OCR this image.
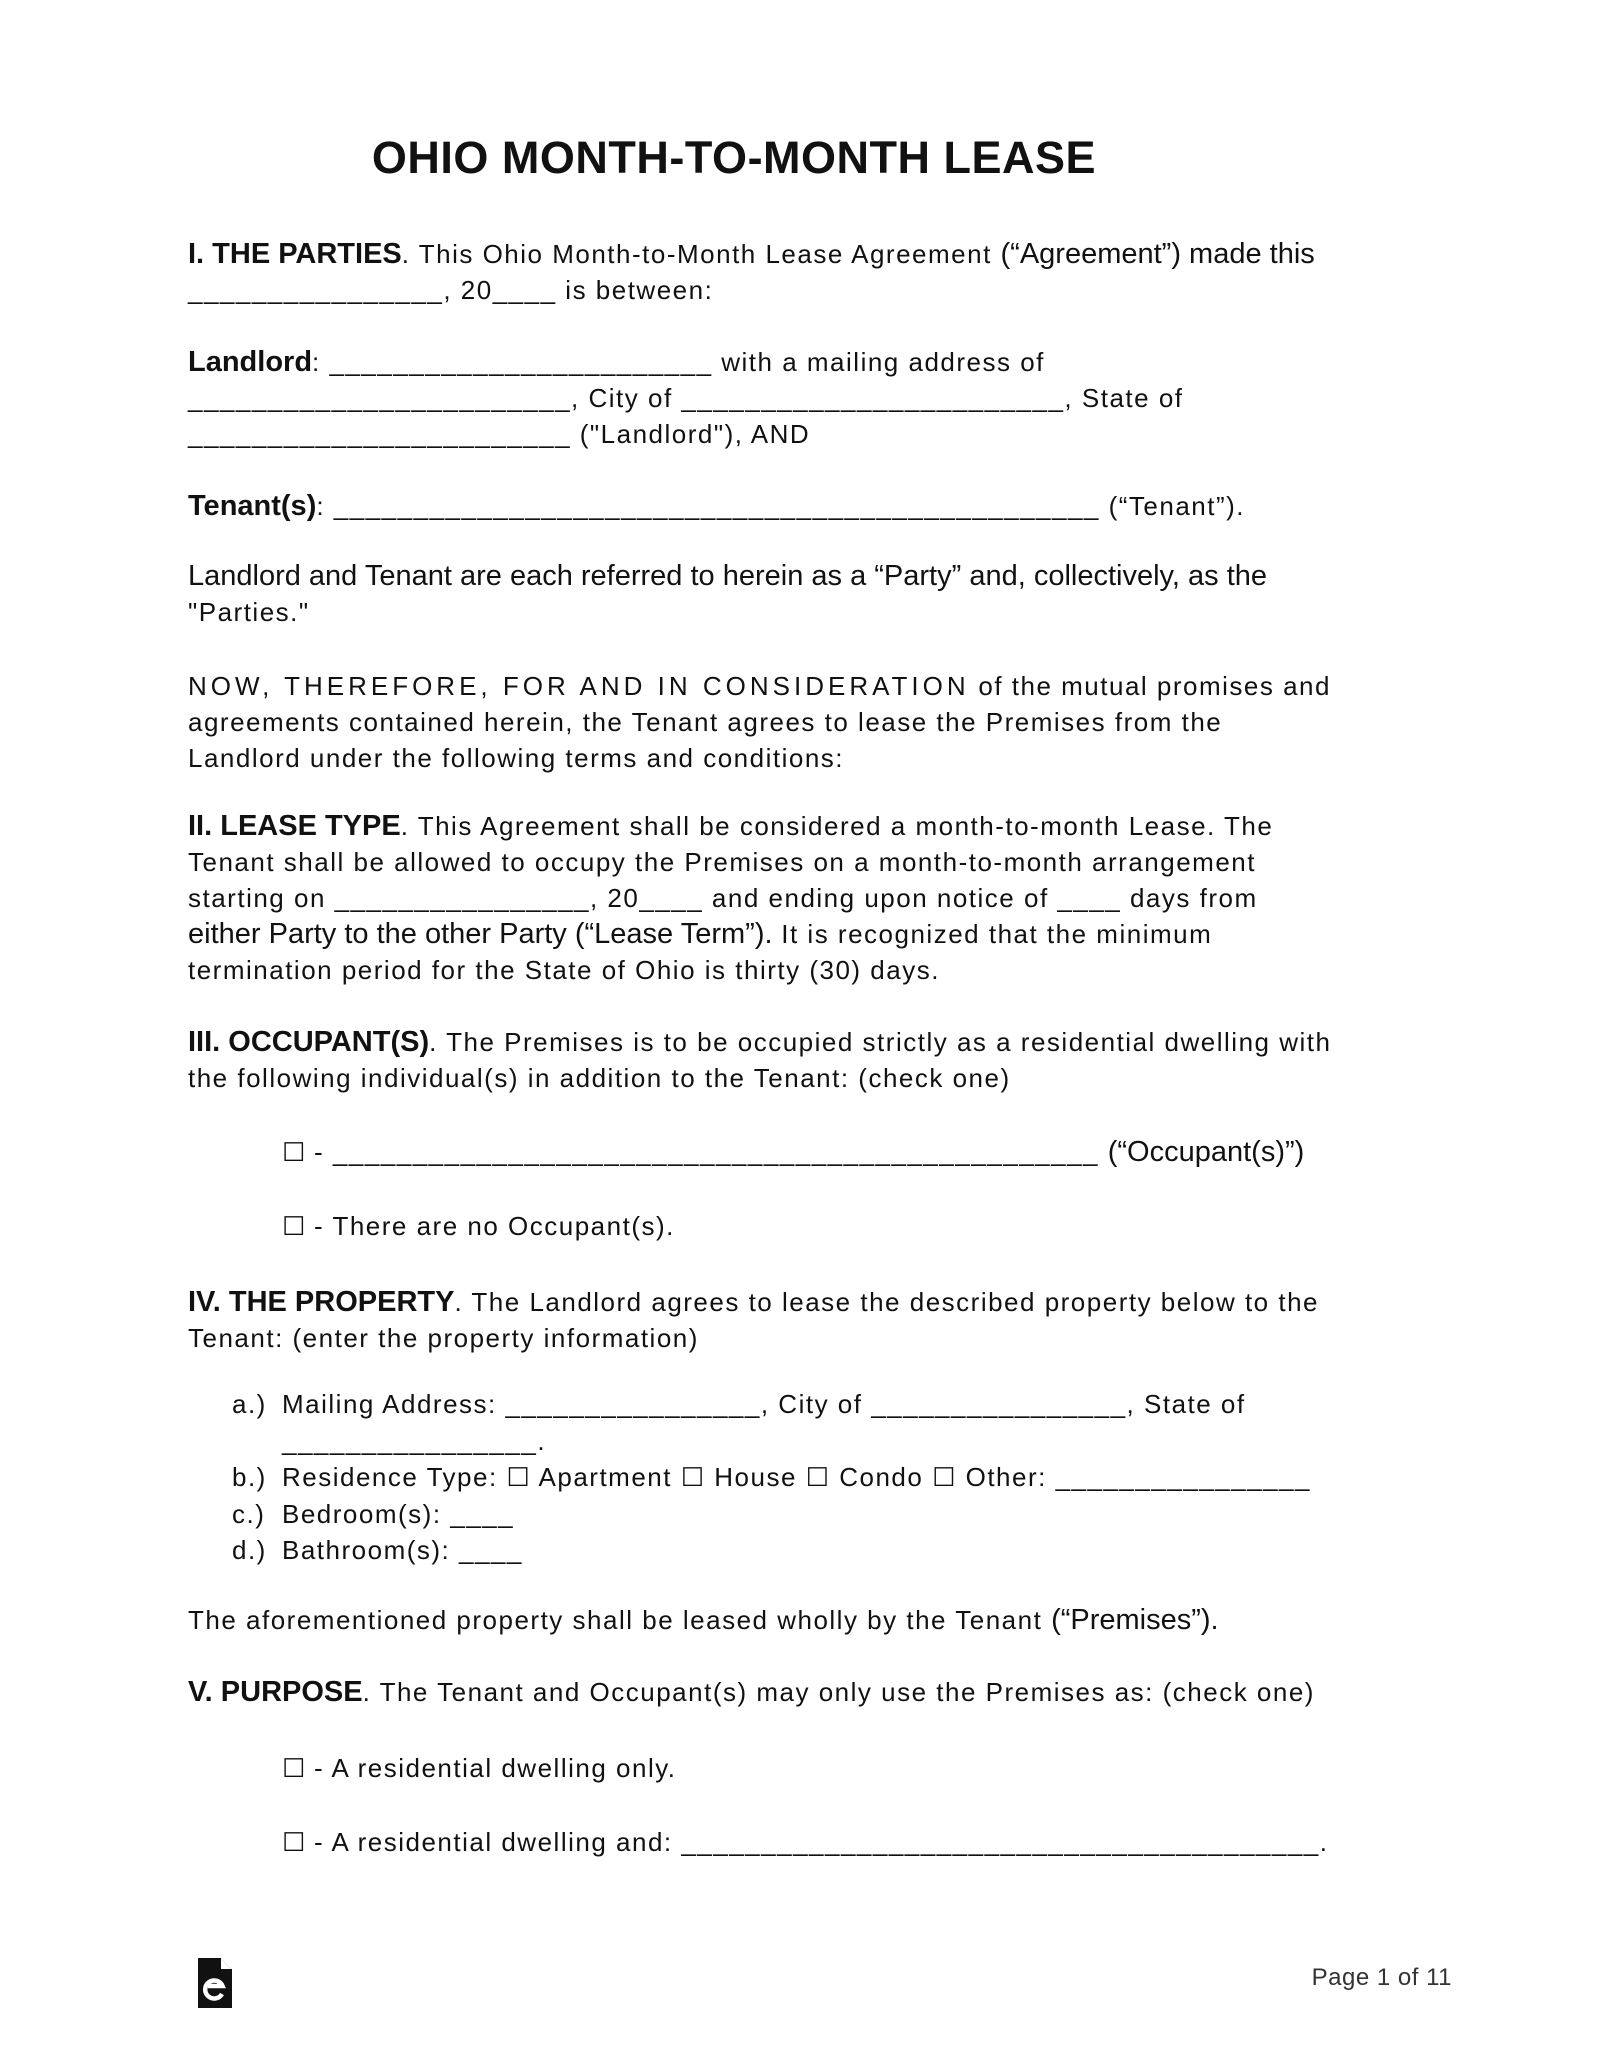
OHIO MONTH-TO-MONTH LEASE
I. THE PARTIES. This Ohio Month-to-Month Lease Agreement (“Agreement”) made this
________________, 20____ is between:
Landlord: ________________________ with a mailing address of
________________________, City of ________________________, State of
________________________ ("Landlord"), AND
Tenant(s): ________________________________________________ (“Tenant”).
Landlord and Tenant are each referred to herein as a “Party” and, collectively, as the
"Parties."
NOW, THEREFORE, FOR AND IN CONSIDERATION of the mutual promises and
agreements contained herein, the Tenant agrees to lease the Premises from the
Landlord under the following terms and conditions:
II. LEASE TYPE. This Agreement shall be considered a month-to-month Lease. The
Tenant shall be allowed to occupy the Premises on a month-to-month arrangement
starting on ________________, 20____ and ending upon notice of ____ days from
either Party to the other Party (“Lease Term”). It is recognized that the minimum
termination period for the State of Ohio is thirty (30) days.
III. OCCUPANT(S). The Premises is to be occupied strictly as a residential dwelling with
the following individual(s) in addition to the Tenant: (check one)
☐ - ________________________________________________ (“Occupant(s)”)
☐ - There are no Occupant(s).
IV. THE PROPERTY. The Landlord agrees to lease the described property below to the
Tenant: (enter the property information)
a.) Mailing Address: ________________, City of ________________, State of
________________.
b.) Residence Type: ☐ Apartment ☐ House ☐ Condo ☐ Other: ________________
c.) Bedroom(s): ____
d.) Bathroom(s): ____
The aforementioned property shall be leased wholly by the Tenant (“Premises”).
V. PURPOSE. The Tenant and Occupant(s) may only use the Premises as: (check one)
☐ - A residential dwelling only.
☐ - A residential dwelling and: ________________________________________.
Page 1 of 11
